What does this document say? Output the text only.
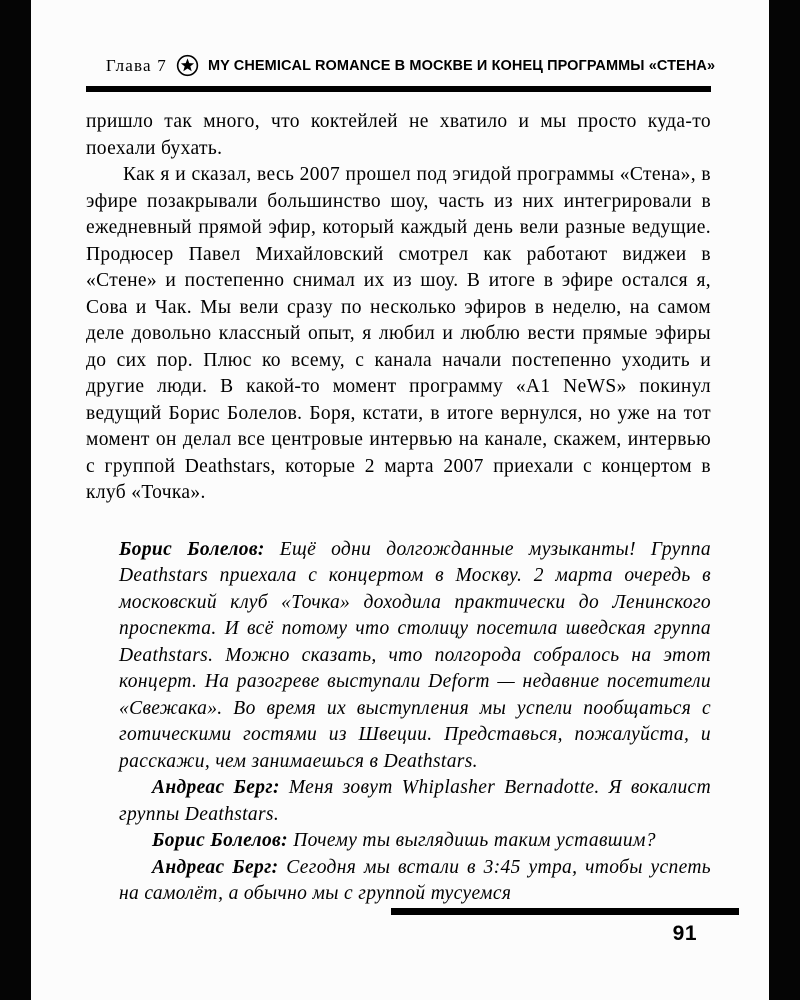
Глава 7	MY CHEMICAL ROMANCE В МОСКВЕ И КОНЕЦ ПРОГРАММЫ «СТЕНА»

пришло так много, что коктейлей не хватило и мы просто куда-то поехали бухать.

Как я и сказал, весь 2007 прошел под эгидой программы «Стена», в эфире позакрывали большинство шоу, часть из них интегрировали в ежедневный прямой эфир, который каждый день вели разные ведущие. Продюсер Павел Михайловский смотрел как работают виджеи в «Стене» и постепенно снимал их из шоу. В итоге в эфире остался я, Сова и Чак. Мы вели сразу по несколько эфиров в неделю, на самом деле довольно классный опыт, я любил и люблю вести прямые эфиры до сих пор. Плюс ко всему, с канала начали постепенно уходить и другие люди. В какой-то момент программу «А1 NeWS» покинул ведущий Борис Болелов. Боря, кстати, в итоге вернулся, но уже на тот момент он делал все центровые интервью на канале, скажем, интервью с группой Deathstars, которые 2 марта 2007 приехали с концертом в клуб «Точка».

Борис Болелов: Ещё одни долгожданные музыканты! Группа Deathstars приехала с концертом в Москву. 2 марта очередь в московский клуб «Точка» доходила практически до Ленинского проспекта. И всё потому что столицу посетила шведская группа Deathstars. Можно сказать, что полгорода собралось на этот концерт. На разогреве выступали Deform — недавние посетители «Свежака». Во время их выступления мы успели пообщаться с готическими гостями из Швеции. Представься, пожалуйста, и расскажи, чем занимаешься в Deathstars.

Андреас Берг: Меня зовут Whiplasher Bernadotte. Я вокалист группы Deathstars.

Борис Болелов: Почему ты выглядишь таким уставшим?

Андреас Берг: Сегодня мы встали в 3:45 утра, чтобы успеть на самолёт, а обычно мы с группой тусуемся

91
